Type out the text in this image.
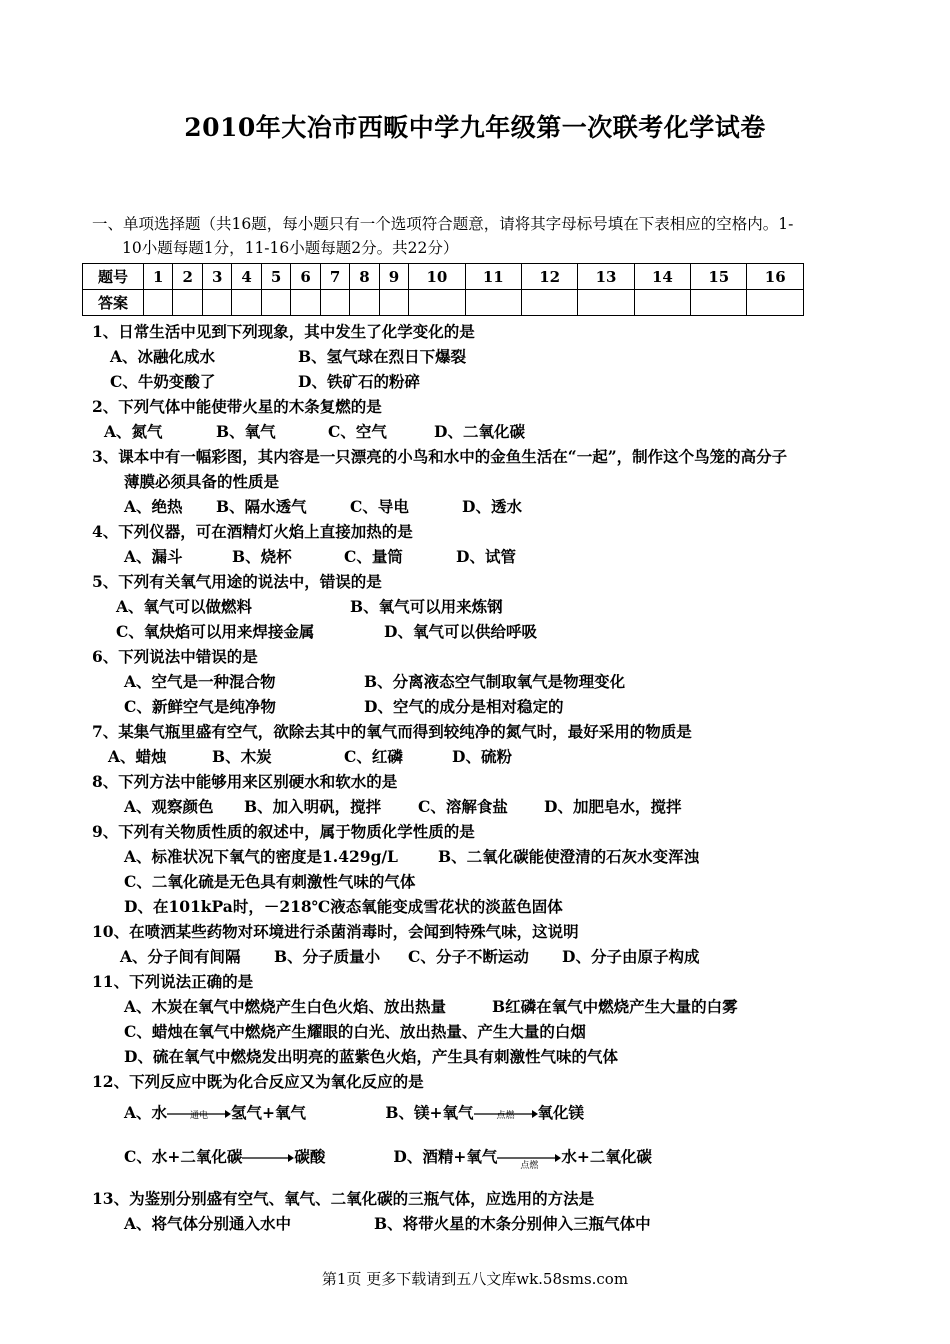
2010年大冶市西畈中学九年级第一次联考化学试卷
一、单项选择题（共16题，每小题只有一个选项符合题意，请将其字母标号填在下表相应的空格内。1-
10小题每题1分，11-16小题每题2分。共22分）
题号	1	2	3	4	5	6	7	8	9	10	11	12	13	14	15	16
答案																
1、日常生活中见到下列现象，其中发生了化学变化的是
A、冰融化成水	B、氢气球在烈日下爆裂
C、牛奶变酸了	D、铁矿石的粉碎
2、下列气体中能使带火星的木条复燃的是
A、氮气	B、氧气	C、空气	D、二氧化碳
3、课本中有一幅彩图，其内容是一只漂亮的小鸟和水中的金鱼生活在“一起”，制作这个鸟笼的高分子
薄膜必须具备的性质是
A、绝热 B、隔水透气	C、导电	D、透水
4、下列仪器，可在酒精灯火焰上直接加热的是
A、漏斗	B、烧杯	C、量筒	D、试管
5、下列有关氧气用途的说法中，错误的是
A、氧气可以做燃料	B、氧气可以用来炼钢
C、氧炔焰可以用来焊接金属	D、氧气可以供给呼吸
6、下列说法中错误的是
A、空气是一种混合物	B、分离液态空气制取氧气是物理变化
C、新鲜空气是纯净物	D、空气的成分是相对稳定的
7、某集气瓶里盛有空气，欲除去其中的氧气而得到较纯净的氮气时，最好采用的物质是
A、蜡烛	B、木炭	C、红磷	D、硫粉
8、下列方法中能够用来区别硬水和软水的是
A、观察颜色 B、加入明矾，搅拌 C、溶解食盐 D、加肥皂水，搅拌
9、下列有关物质性质的叙述中，属于物质化学性质的是
A、标准状况下氧气的密度是1.429g/L	B、二氧化碳能使澄清的石灰水变浑浊
C、二氧化硫是无色具有刺激性气味的气体
D、在101kPa时，－218℃液态氧能变成雪花状的淡蓝色固体
10、在喷洒某些药物对环境进行杀菌消毒时，会闻到特殊气味，这说明
A、分子间有间隔 B、分子质量小 C、分子不断运动 D、分子由原子构成
11、下列说法正确的是
A、木炭在氧气中燃烧产生白色火焰、放出热量	B红磷在氧气中燃烧产生大量的白雾
C、蜡烛在氧气中燃烧产生耀眼的白光、放出热量、产生大量的白烟
D、硫在氧气中燃烧发出明亮的蓝紫色火焰，产生具有刺激性气味的气体
12、下列反应中既为化合反应又为氧化反应的是
A、水	通电	氢气+氧气	B、镁+氧气	点燃	氧化镁
C、水+二氧化碳→碳酸	D、酒精+氧气	点燃	水+二氧化碳
13、为鉴别分别盛有空气、氧气、二氧化碳的三瓶气体，应选用的方法是
A、将气体分别通入水中	B、将带火星的木条分别伸入三瓶气体中
第1页 更多下载请到五八文库wk.58sms.com
